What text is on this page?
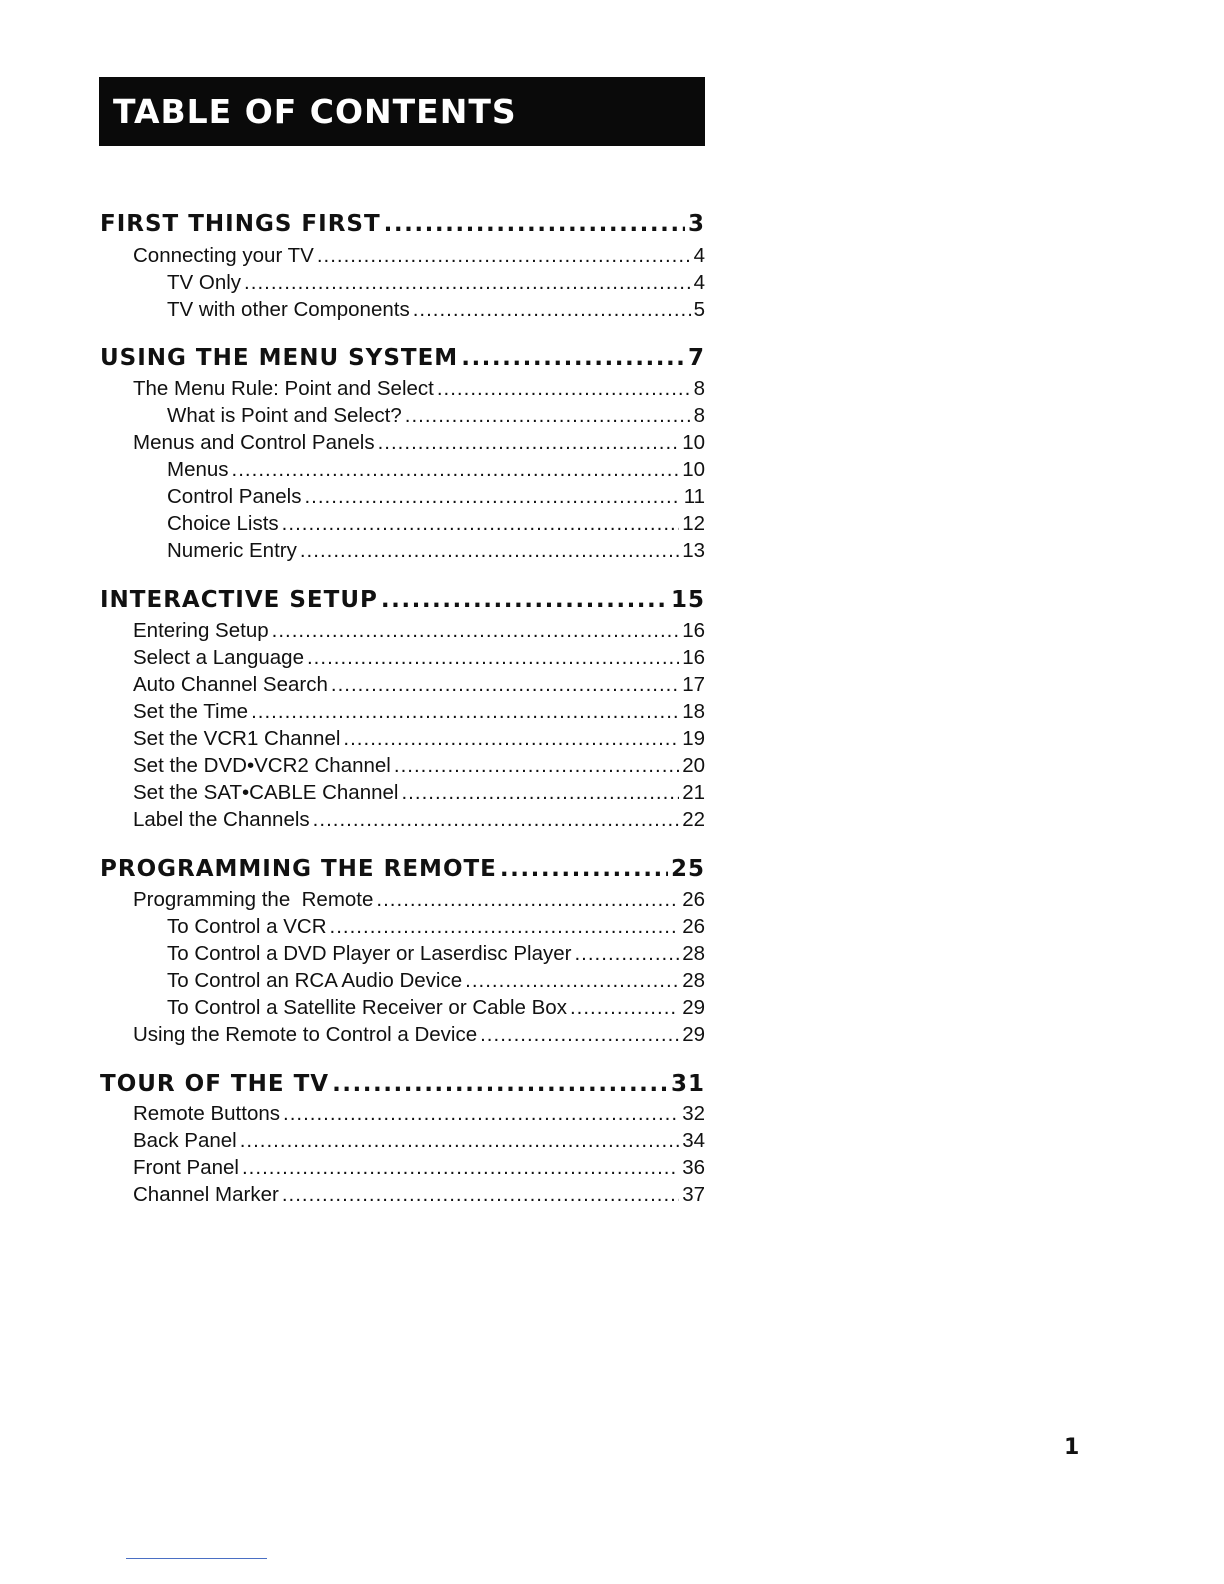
TABLE OF CONTENTS
FIRST THINGS FIRST .....	3
Connecting your TV .....	4
TV Only .....	4
TV with other Components .....	5
USING THE MENU SYSTEM .....	7
The Menu Rule: Point and Select .....	8
What is Point and Select? .....	8
Menus and Control Panels .....	10
Menus .....	10
Control Panels .....	11
Choice Lists .....	12
Numeric Entry .....	13
INTERACTIVE SETUP .....	15
Entering Setup .....	16
Select a Language .....	16
Auto Channel Search .....	17
Set the Time .....	18
Set the VCR1 Channel .....	19
Set the DVD•VCR2 Channel .....	20
Set the SAT•CABLE Channel .....	21
Label the Channels .....	22
PROGRAMMING THE REMOTE .....	25
Programming the  Remote .....	26
To Control a VCR .....	26
To Control a DVD Player or Laserdisc Player .....	28
To Control an RCA Audio Device .....	28
To Control a Satellite Receiver or Cable Box .....	29
Using the Remote to Control a Device .....	29
TOUR OF THE TV .....	31
Remote Buttons .....	32
Back Panel .....	34
Front Panel .....	36
Channel Marker .....	37
1
